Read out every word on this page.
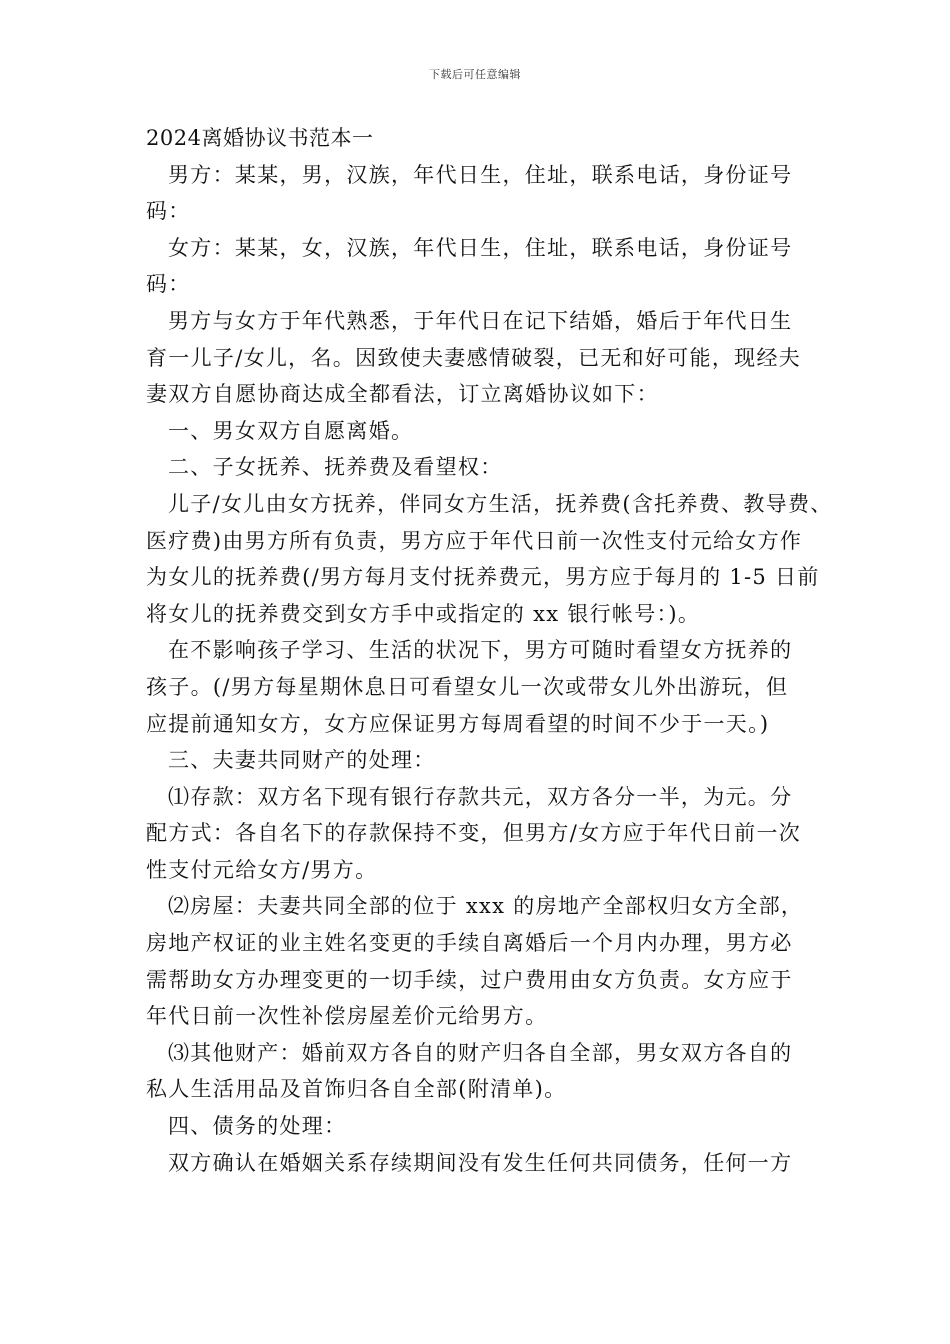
下载后可任意编辑
2024离婚协议书范本一

男方：某某，男，汉族，年代日生，住址，联系电话，身份证号
码：

女方：某某，女，汉族，年代日生，住址，联系电话，身份证号
码：

男方与女方于年代熟悉，于年代日在记下结婚，婚后于年代日生
育一儿子/女儿，名。因致使夫妻感情破裂，已无和好可能，现经夫
妻双方自愿协商达成全都看法，订立离婚协议如下：

一、男女双方自愿离婚。

二、子女抚养、抚养费及看望权：

儿子/女儿由女方抚养，伴同女方生活，抚养费(含托养费、教导费、
医疗费)由男方所有负责，男方应于年代日前一次性支付元给女方作
为女儿的抚养费(/男方每月支付抚养费元，男方应于每月的 1-5 日前
将女儿的抚养费交到女方手中或指定的 xx 银行帐号：)。

在不影响孩子学习、生活的状况下，男方可随时看望女方抚养的
孩子。(/男方每星期休息日可看望女儿一次或带女儿外出游玩，但
应提前通知女方，女方应保证男方每周看望的时间不少于一天。)

三、夫妻共同财产的处理：

⑴存款：双方名下现有银行存款共元，双方各分一半，为元。分
配方式：各自名下的存款保持不变，但男方/女方应于年代日前一次
性支付元给女方/男方。

⑵房屋：夫妻共同全部的位于 xxx 的房地产全部权归女方全部，
房地产权证的业主姓名变更的手续自离婚后一个月内办理，男方必
需帮助女方办理变更的一切手续，过户费用由女方负责。女方应于
年代日前一次性补偿房屋差价元给男方。

⑶其他财产：婚前双方各自的财产归各自全部，男女双方各自的
私人生活用品及首饰归各自全部(附清单)。

四、债务的处理：

双方确认在婚姻关系存续期间没有发生任何共同债务，任何一方
